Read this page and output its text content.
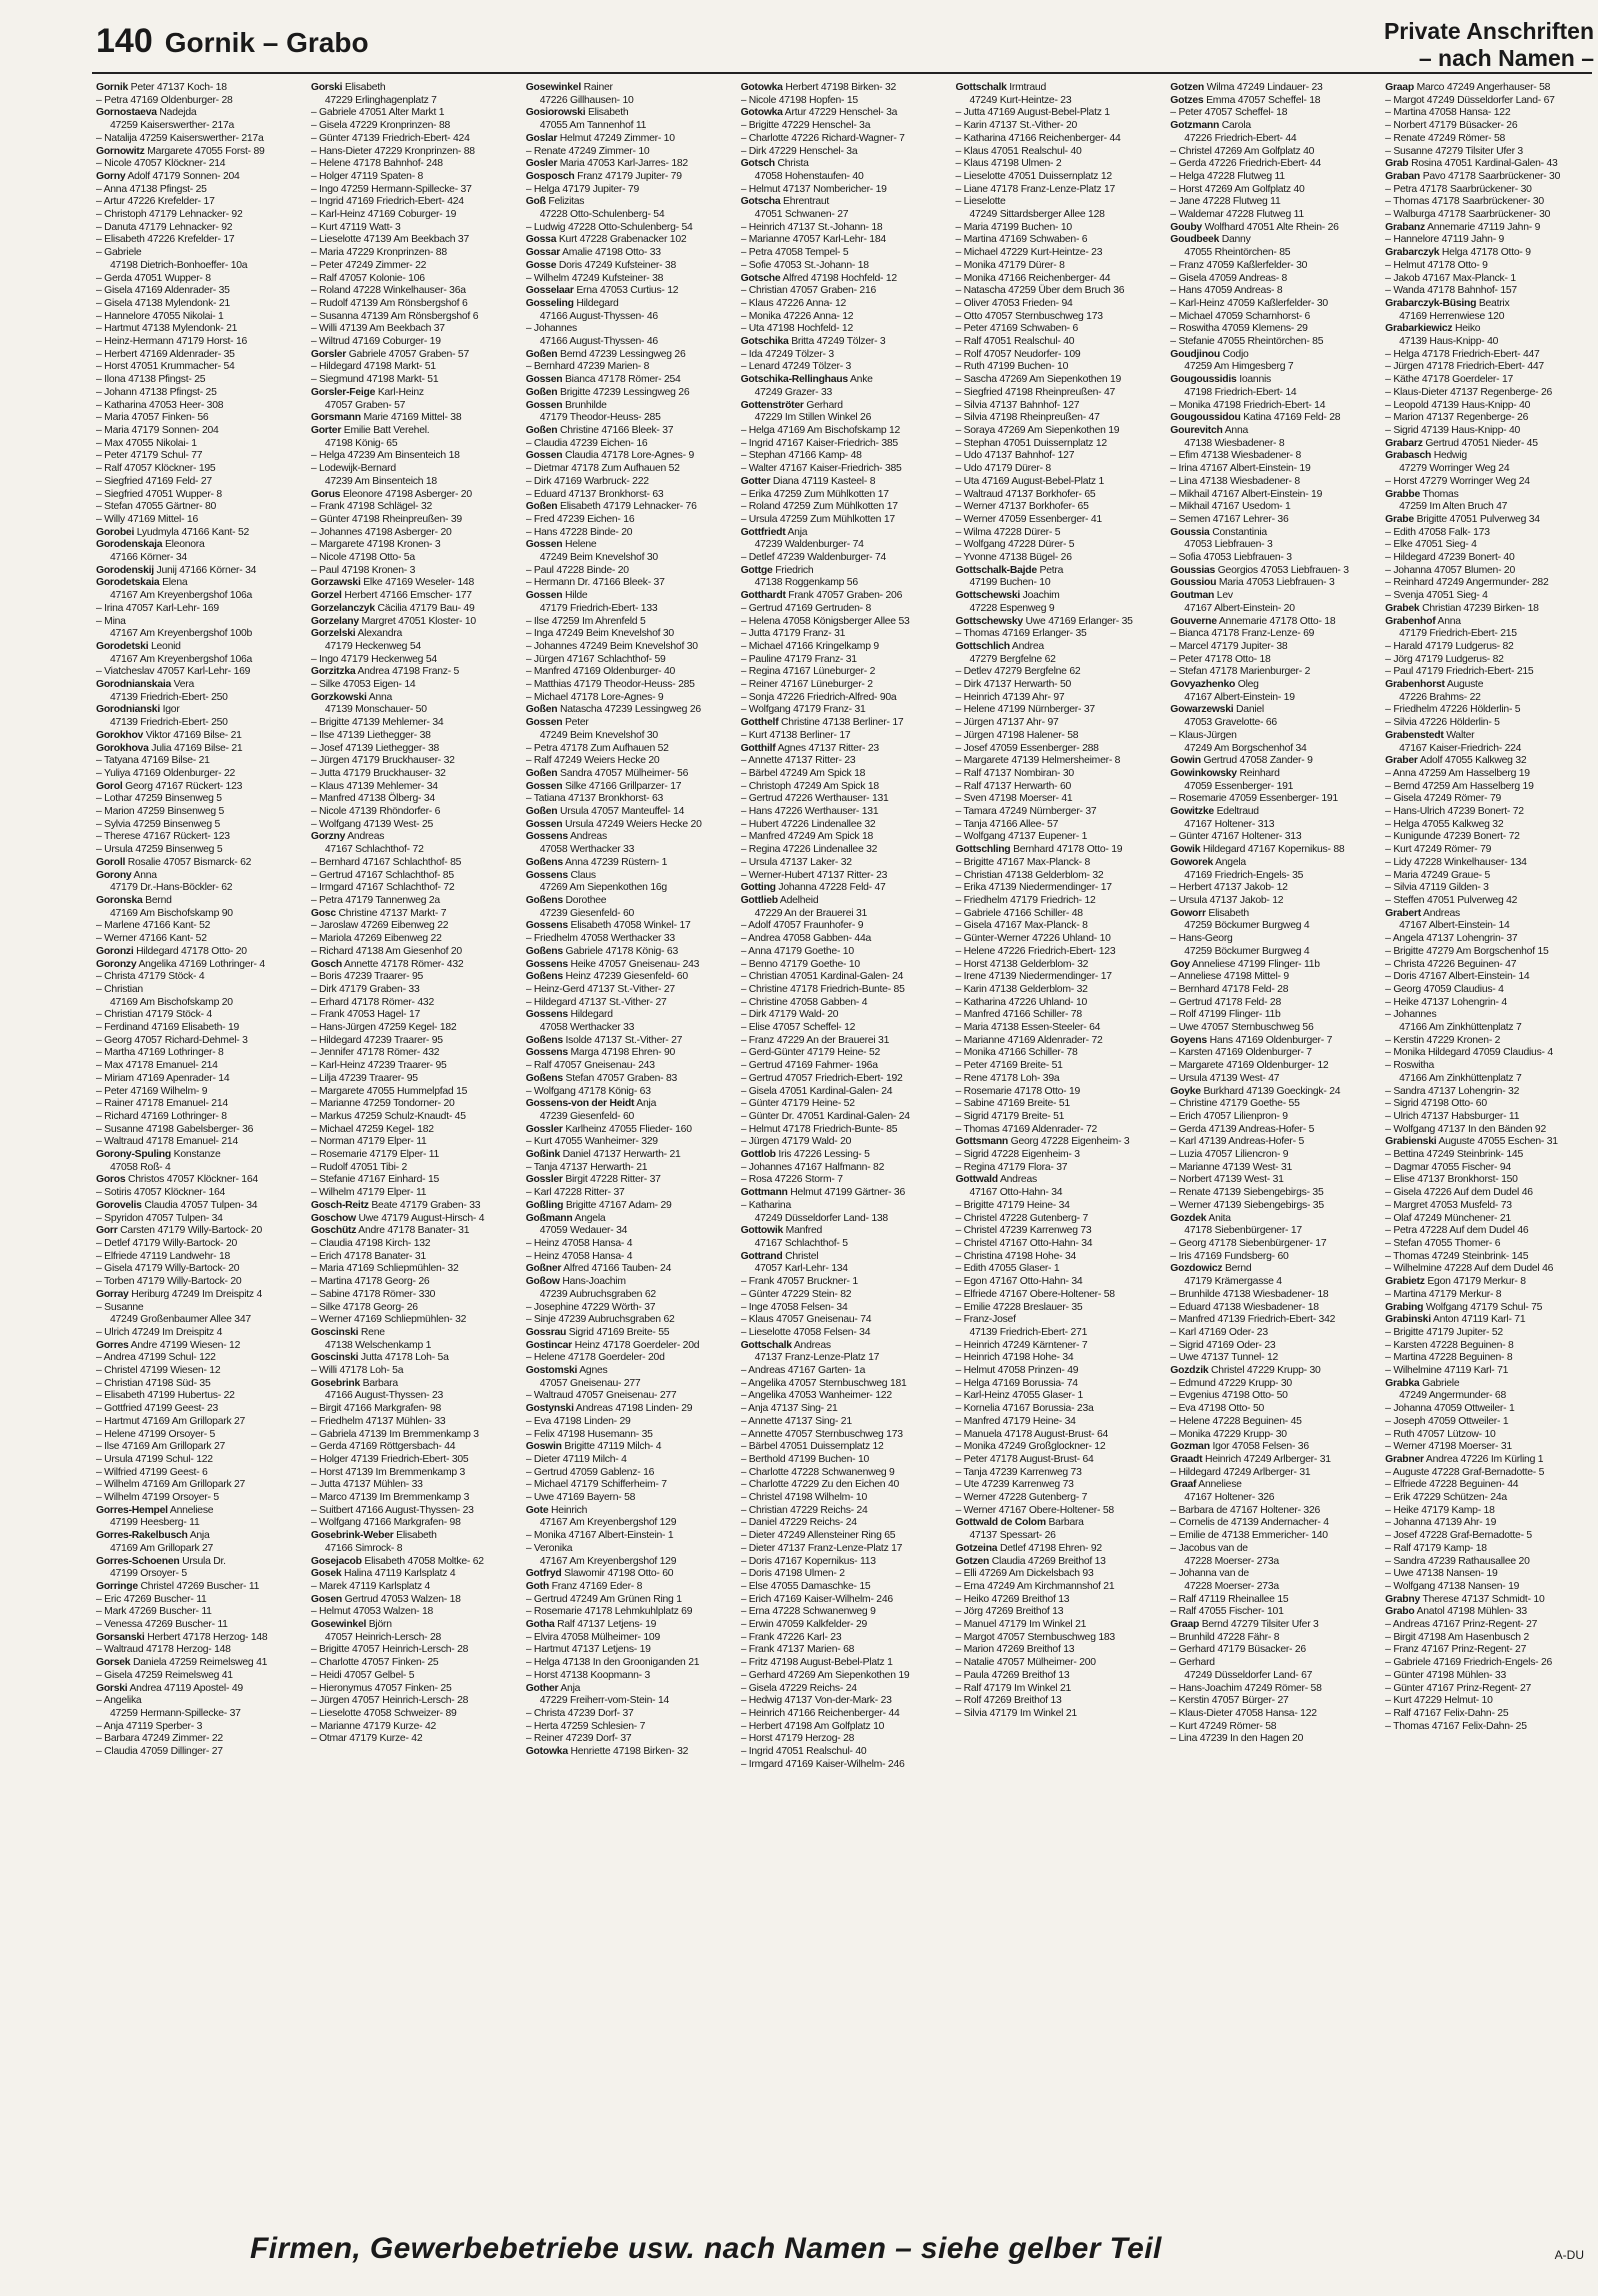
140 Gornik – Grabo	Private Anschriften
– nach Namen –
Gornik Peter 47137 Koch- 18
– Petra 47169 Oldenburger- 28
Gornostaeva Nadejda
47259 Kaiserswerther- 217a
– Natalija 47259 Kaiserswerther- 217a
Gornowitz Margarete 47055 Forst- 89
– Nicole 47057 Klöckner- 214
Gorny Adolf 47179 Sonnen- 204
– Anna 47138 Pfingst- 25
– Artur 47226 Krefelder- 17
– Christoph 47179 Lehnacker- 92
– Danuta 47179 Lehnacker- 92
– Elisabeth 47226 Krefelder- 17
– Gabriele
47198 Dietrich-Bonhoeffer- 10a
– Gerda 47051 Wupper- 8
– Gisela 47169 Aldenrader- 35
– Gisela 47138 Mylendonk- 21
– Hannelore 47055 Nikolai- 1
– Hartmut 47138 Mylendonk- 21
– Heinz-Hermann 47179 Horst- 16
– Herbert 47169 Aldenrader- 35
– Horst 47051 Krummacher- 54
– Ilona 47138 Pfingst- 25
– Johann 47138 Pfingst- 25
– Katharina 47053 Heer- 308
– Maria 47057 Finken- 56
– Maria 47179 Sonnen- 204
– Max 47055 Nikolai- 1
– Peter 47179 Schul- 77
– Ralf 47057 Klöckner- 195
– Siegfried 47169 Feld- 27
– Siegfried 47051 Wupper- 8
– Stefan 47055 Gärtner- 80
– Willy 47169 Mittel- 16
Gorobei Lyudmyla 47166 Kant- 52
Gorodenskaja Eleonora
47166 Körner- 34
Gorodenskij Junij 47166 Körner- 34
Gorodetskaia Elena
47167 Am Kreyenbergshof 106a
– Irina 47057 Karl-Lehr- 169
– Mina
47167 Am Kreyenbergshof 100b
Gorodetski Leonid
47167 Am Kreyenbergshof 106a
– Viatcheslav 47057 Karl-Lehr- 169
Gorodnianskaia Vera
47139 Friedrich-Ebert- 250
Gorodnianski Igor
47139 Friedrich-Ebert- 250
Gorokhov Viktor 47169 Bilse- 21
Gorokhova Julia 47169 Bilse- 21
– Tatyana 47169 Bilse- 21
– Yuliya 47169 Oldenburger- 22
Gorol Georg 47167 Rückert- 123
– Lothar 47259 Binsenweg 5
– Marion 47259 Binsenweg 5
– Sylvia 47259 Binsenweg 5
– Therese 47167 Rückert- 123
– Ursula 47259 Binsenweg 5
Goroll Rosalie 47057 Bismarck- 62
Gorony Anna
47179 Dr.-Hans-Böckler- 62
Goronska Bernd
47169 Am Bischofskamp 90
– Marlene 47166 Kant- 52
– Werner 47166 Kant- 52
Goronzi Hildegard 47178 Otto- 20
Goronzy Angelika 47169 Lothringer- 4
– Christa 47179 Stöck- 4
– Christian
47169 Am Bischofskamp 20
– Christian 47179 Stöck- 4
– Ferdinand 47169 Elisabeth- 19
– Georg 47057 Richard-Dehmel- 3
– Martha 47169 Lothringer- 8
– Max 47178 Emanuel- 214
– Miriam 47169 Apenrader- 14
– Peter 47169 Wilhelm- 9
– Rainer 47178 Emanuel- 214
– Richard 47169 Lothringer- 8
– Susanne 47198 Gabelsberger- 36
– Waltraud 47178 Emanuel- 214
Gorony-Spuling Konstanze
47058 Roß- 4
Goros Christos 47057 Klöckner- 164
– Sotiris 47057 Klöckner- 164
Gorovelis Claudia 47057 Tulpen- 34
– Spyridon 47057 Tulpen- 34
Gorr Carsten 47179 Willy-Bartock- 20
– Detlef 47179 Willy-Bartock- 20
– Elfriede 47119 Landwehr- 18
– Gisela 47179 Willy-Bartock- 20
– Torben 47179 Willy-Bartock- 20
Gorray Heriburg 47249 Im Dreispitz 4
– Susanne
47249 Großenbaumer Allee 347
– Ulrich 47249 Im Dreispitz 4
Gorres Andre 47199 Wiesen- 12
– Andrea 47199 Schul- 122
– Christel 47199 Wiesen- 12
– Christian 47198 Süd- 35
– Elisabeth 47199 Hubertus- 22
– Gottfried 47199 Geest- 23
– Hartmut 47169 Am Grillopark 27
– Helene 47199 Orsoyer- 5
– Ilse 47169 Am Grillopark 27
– Ursula 47199 Schul- 122
– Wilfried 47199 Geest- 6
– Wilhelm 47169 Am Grillopark 27
– Wilhelm 47199 Orsoyer- 5
Gorres-Hempel Anneliese
47199 Heesberg- 11
Gorres-Rakelbusch Anja
47169 Am Grillopark 27
Gorres-Schoenen Ursula Dr.
47199 Orsoyer- 5
Gorringe Christel 47269 Buscher- 11
– Eric 47269 Buscher- 11
– Mark 47269 Buscher- 11
– Venessa 47269 Buscher- 11
Gorsanski Herbert 47178 Herzog- 148
– Waltraud 47178 Herzog- 148
Gorsek Daniela 47259 Reimelsweg 41
– Gisela 47259 Reimelsweg 41
Gorski Andrea 47119 Apostel- 49
– Angelika
47259 Hermann-Spillecke- 37
– Anja 47119 Sperber- 3
– Barbara 47249 Zimmer- 22
– Claudia 47059 Dillinger- 27
Gorski Elisabeth
47229 Erlinghagenplatz 7
– Gabriele 47051 Alter Markt 1
– Gisela 47229 Kronprinzen- 88
– Günter 47139 Friedrich-Ebert- 424
– Hans-Dieter 47229 Kronprinzen- 88
– Helene 47178 Bahnhof- 248
– Holger 47119 Spaten- 8
– Ingo 47259 Hermann-Spillecke- 37
– Ingrid 47169 Friedrich-Ebert- 424
– Karl-Heinz 47169 Coburger- 19
– Kurt 47119 Watt- 3
– Lieselotte 47139 Am Beekbach 37
– Maria 47229 Kronprinzen- 88
– Peter 47249 Zimmer- 22
– Ralf 47057 Kolonie- 106
– Roland 47228 Winkelhauser- 36a
– Rudolf 47139 Am Rönsbergshof 6
– Susanna 47139 Am Rönsbergshof 6
– Willi 47139 Am Beekbach 37
– Wiltrud 47169 Coburger- 19
Gorsler Gabriele 47057 Graben- 57
– Hildegard 47198 Markt- 51
– Siegmund 47198 Markt- 51
Gorsler-Feige Karl-Heinz
47057 Graben- 57
Gorsmann Marie 47169 Mittel- 38
Gorter Emilie Batt Verehel.
47198 König- 65
– Helga 47239 Am Binsenteich 18
– Lodewijk-Bernard
47239 Am Binsenteich 18
Gorus Eleonore 47198 Asberger- 20
– Frank 47198 Schlägel- 32
– Günter 47198 Rheinpreußen- 39
– Johannes 47198 Asberger- 20
– Margarete 47198 Kronen- 3
– Nicole 47198 Otto- 5a
– Paul 47198 Kronen- 3
Gorzawski Elke 47169 Weseler- 148
Gorzel Herbert 47166 Emscher- 177
Gorzelanczyk Cäcilia 47179 Bau- 49
Gorzelany Margret 47051 Kloster- 10
Gorzelski Alexandra
47179 Heckenweg 54
– Ingo 47179 Heckenweg 54
Gorzitzka Andrea 47198 Franz- 5
– Silke 47053 Eigen- 14
Gorzkowski Anna
47139 Monschauer- 50
– Brigitte 47139 Mehlemer- 34
– Ilse 47139 Liethegger- 38
– Josef 47139 Liethegger- 38
– Jürgen 47179 Bruckhauser- 32
– Jutta 47179 Bruckhauser- 32
– Klaus 47139 Mehlemer- 34
– Manfred 47138 Ölberg- 34
– Nicole 47139 Rhöndorfer- 6
– Wolfgang 47139 West- 25
Gorzny Andreas
47167 Schlachthof- 72
– Bernhard 47167 Schlachthof- 85
– Gertrud 47167 Schlachthof- 85
– Irmgard 47167 Schlachthof- 72
– Petra 47179 Tannenweg 2a
Gosc Christine 47137 Markt- 7
– Jaroslaw 47269 Eibenweg 22
– Mariola 47269 Eibenweg 22
– Richard 47138 Am Giesenhof 20
Gosch Annette 47178 Römer- 432
– Boris 47239 Traarer- 95
– Dirk 47179 Graben- 33
– Erhard 47178 Römer- 432
– Frank 47053 Hagel- 17
– Hans-Jürgen 47259 Kegel- 182
– Hildegard 47239 Traarer- 95
– Jennifer 47178 Römer- 432
– Karl-Heinz 47239 Traarer- 95
– Lilja 47239 Traarer- 95
– Margarete 47055 Hummelpfad 15
– Marianne 47259 Tondorner- 20
– Markus 47259 Schulz-Knaudt- 45
– Michael 47259 Kegel- 182
– Norman 47179 Elper- 11
– Rosemarie 47179 Elper- 11
– Rudolf 47051 Tibi- 2
– Stefanie 47167 Einhard- 15
– Wilhelm 47179 Elper- 11
Gosch-Reitz Beate 47179 Graben- 33
Goschow Uwe 47179 August-Hirsch- 4
Goschütz Andre 47178 Banater- 31
– Claudia 47198 Kirch- 132
– Erich 47178 Banater- 31
– Maria 47169 Schliepmühlen- 32
– Martina 47178 Georg- 26
– Sabine 47178 Römer- 330
– Silke 47178 Georg- 26
– Werner 47169 Schliepmühlen- 32
Goscinski Rene
47138 Welschenkamp 1
Goscinski Jutta 47178 Loh- 5a
– Willi 47178 Loh- 5a
Gosebrink Barbara
47166 August-Thyssen- 23
– Birgit 47166 Markgrafen- 98
– Friedhelm 47137 Mühlen- 33
– Gabriela 47139 Im Bremmenkamp 3
– Gerda 47169 Röttgersbach- 44
– Holger 47139 Friedrich-Ebert- 305
– Horst 47139 Im Bremmenkamp 3
– Jutta 47137 Mühlen- 33
– Marco 47139 Im Bremmenkamp 3
– Suitbert 47166 August-Thyssen- 23
– Wolfgang 47166 Markgrafen- 98
Gosebrink-Weber Elisabeth
47166 Simrock- 8
Gosejacob Elisabeth 47058 Moltke- 62
Gosek Halina 47119 Karlsplatz 4
– Marek 47119 Karlsplatz 4
Gosen Gertrud 47053 Walzen- 18
– Helmut 47053 Walzen- 18
Gosewinkel Björn
47057 Heinrich-Lersch- 28
– Brigitte 47057 Heinrich-Lersch- 28
– Charlotte 47057 Finken- 25
– Heidi 47057 Gelbel- 5
– Hieronymus 47057 Finken- 25
– Jürgen 47057 Heinrich-Lersch- 28
– Lieselotte 47058 Schweizer- 89
– Marianne 47179 Kurze- 42
– Otmar 47179 Kurze- 42
Gosewinkel Rainer
47226 Gillhausen- 10
Gosiorowski Elisabeth
47055 Am Tannenhof 11
Goslar Helmut 47249 Zimmer- 10
– Renate 47249 Zimmer- 10
Gosler Maria 47053 Karl-Jarres- 182
Gosposch Franz 47179 Jupiter- 79
– Helga 47179 Jupiter- 79
Goß Felizitas
47228 Otto-Schulenberg- 54
– Ludwig 47228 Otto-Schulenberg- 54
Gossa Kurt 47228 Grabenacker 102
Gossar Amalie 47198 Otto- 33
Gosse Doris 47249 Kufsteiner- 38
– Wilhelm 47249 Kufsteiner- 38
Gosselaar Erna 47053 Curtius- 12
Gosseling Hildegard
47166 August-Thyssen- 46
– Johannes
47166 August-Thyssen- 46
Goßen Bernd 47239 Lessingweg 26
– Bernhard 47239 Marien- 8
Gossen Bianca 47178 Römer- 254
Goßen Brigitte 47239 Lessingweg 26
Gossen Brunhilde
47179 Theodor-Heuss- 285
Goßen Christine 47166 Bleek- 37
– Claudia 47239 Eichen- 16
Gossen Claudia 47178 Lore-Agnes- 9
– Dietmar 47178 Zum Aufhauen 52
– Dirk 47169 Warbruck- 222
– Eduard 47137 Bronkhorst- 63
Goßen Elisabeth 47179 Lehnacker- 76
– Fred 47239 Eichen- 16
– Hans 47228 Binde- 20
Gossen Helene
47249 Beim Knevelshof 30
– Paul 47228 Binde- 20
– Hermann Dr. 47166 Bleek- 37
Gossen Hilde
47179 Friedrich-Ebert- 133
– Ilse 47259 Im Ahrenfeld 5
– Inga 47249 Beim Knevelshof 30
– Johannes 47249 Beim Knevelshof 30
– Jürgen 47167 Schlachthof- 59
– Manfred 47169 Oldenburger- 40
– Matthias 47179 Theodor-Heuss- 285
– Michael 47178 Lore-Agnes- 9
Goßen Natascha 47239 Lessingweg 26
Gossen Peter
47249 Beim Knevelshof 30
– Petra 47178 Zum Aufhauen 52
– Ralf 47249 Weiers Hecke 20
Goßen Sandra 47057 Mülheimer- 56
Gossen Silke 47166 Grillparzer- 17
– Tatiana 47137 Bronkhorst- 63
Goßen Ursula 47057 Manteuffel- 14
Gossen Ursula 47249 Weiers Hecke 20
Gossens Andreas
47058 Werthacker 33
Goßens Anna 47239 Rüstern- 1
Gossens Claus
47269 Am Siepenkothen 16g
Goßens Dorothee
47239 Giesenfeld- 60
Gossens Elisabeth 47058 Winkel- 17
– Friedhelm 47058 Werthacker 33
Goßens Gabriele 47178 König- 63
Gossens Heike 47057 Gneisenau- 243
Goßens Heinz 47239 Giesenfeld- 60
– Heinz-Gerd 47137 St.-Vither- 27
– Hildegard 47137 St.-Vither- 27
Gossens Hildegard
47058 Werthacker 33
Goßens Isolde 47137 St.-Vither- 27
Gossens Marga 47198 Ehren- 90
– Ralf 47057 Gneisenau- 243
Goßens Stefan 47057 Graben- 83
– Wolfgang 47178 König- 63
Gossens-von der Heidt Anja
47239 Giesenfeld- 60
Gossler Karlheinz 47055 Flieder- 160
– Kurt 47055 Wanheimer- 329
Goßink Daniel 47137 Herwarth- 21
– Tanja 47137 Herwarth- 21
Gossler Birgit 47228 Ritter- 37
– Karl 47228 Ritter- 37
Goßling Brigitte 47167 Adam- 29
Goßmann Angela
47059 Wedauer- 34
– Heinz 47058 Hansa- 4
– Heinz 47058 Hansa- 4
Goßner Alfred 47166 Tauben- 24
Goßow Hans-Joachim
47239 Aubruchsgraben 62
– Josephine 47229 Wörth- 37
– Sinje 47239 Aubruchsgraben 62
Gossrau Sigrid 47169 Breite- 55
Gostincar Heinz 47178 Goerdeler- 20d
– Helene 47178 Goerdeler- 20d
Gostomski Agnes
47057 Gneisenau- 277
– Waltraud 47057 Gneisenau- 277
Gostynski Andreas 47198 Linden- 29
– Eva 47198 Linden- 29
– Felix 47198 Husemann- 35
Goswin Brigitte 47119 Milch- 4
– Dieter 47119 Milch- 4
– Gertrud 47059 Gablenz- 16
– Michael 47179 Schifferheim- 7
– Uwe 47169 Bayern- 58
Gote Heinrich
47167 Am Kreyenbergshof 129
– Monika 47167 Albert-Einstein- 1
– Veronika
47167 Am Kreyenbergshof 129
Gotfryd Slawomir 47198 Otto- 60
Goth Franz 47169 Eder- 8
– Gertrud 47249 Am Grünen Ring 1
– Rosemarie 47178 Lehmkuhlplatz 69
Gotha Ralf 47137 Letjens- 19
– Elvira 47058 Mülheimer- 109
– Hartmut 47137 Letjens- 19
– Helga 47138 In den Grooniganden 21
– Horst 47138 Koopmann- 3
Gother Anja
47229 Freiherr-vom-Stein- 14
– Christa 47239 Dorf- 37
– Herta 47259 Schlesien- 7
– Reiner 47239 Dorf- 37
Gotowka Henriette 47198 Birken- 32
Gotowka Herbert 47198 Birken- 32
– Nicole 47198 Hopfen- 15
Gotowka Artur 47229 Henschel- 3a
– Brigitte 47229 Henschel- 3a
– Charlotte 47226 Richard-Wagner- 7
– Dirk 47229 Henschel- 3a
Gotsch Christa
47058 Hohenstaufen- 40
– Helmut 47137 Nombericher- 19
Gotscha Ehrentraut
47051 Schwanen- 27
– Heinrich 47137 St.-Johann- 18
– Marianne 47057 Karl-Lehr- 184
– Petra 47058 Tempel- 5
– Sofie 47053 St.-Johann- 18
Gotsche Alfred 47198 Hochfeld- 12
– Christian 47057 Graben- 216
– Klaus 47226 Anna- 12
– Monika 47226 Anna- 12
– Uta 47198 Hochfeld- 12
Gotschika Britta 47249 Tölzer- 3
– Ida 47249 Tölzer- 3
– Lenard 47249 Tölzer- 3
Gotschika-Rellinghaus Anke
47249 Grazer- 33
Gottenströter Gerhard
47229 Im Stillen Winkel 26
– Helga 47169 Am Bischofskamp 12
– Ingrid 47167 Kaiser-Friedrich- 385
– Stephan 47166 Kamp- 48
– Walter 47167 Kaiser-Friedrich- 385
Gotter Diana 47119 Kasteel- 8
– Erika 47259 Zum Mühlkotten 17
– Roland 47259 Zum Mühlkotten 17
– Ursula 47259 Zum Mühlkotten 17
Gottfriedt Anja
47239 Waldenburger- 74
– Detlef 47239 Waldenburger- 74
Gottge Friedrich
47138 Roggenkamp 56
Gotthardt Frank 47057 Graben- 206
– Gertrud 47169 Gertruden- 8
– Helena 47058 Königsberger Allee 53
– Jutta 47179 Franz- 31
– Michael 47166 Kringelkamp 9
– Pauline 47179 Franz- 31
– Regina 47167 Lüneburger- 2
– Reiner 47167 Lüneburger- 2
– Sonja 47226 Friedrich-Alfred- 90a
– Wolfgang 47179 Franz- 31
Gotthelf Christine 47138 Berliner- 17
– Kurt 47138 Berliner- 17
Gotthilf Agnes 47137 Ritter- 23
– Annette 47137 Ritter- 23
– Bärbel 47249 Am Spick 18
– Christoph 47249 Am Spick 18
– Gertrud 47226 Werthauser- 131
– Hans 47226 Werthauser- 131
– Hubert 47226 Lindenallee 32
– Manfred 47249 Am Spick 18
– Regina 47226 Lindenallee 32
– Ursula 47137 Laker- 32
– Werner-Hubert 47137 Ritter- 23
Gotting Johanna 47228 Feld- 47
Gottlieb Adelheid
47229 An der Brauerei 31
– Adolf 47057 Fraunhofer- 9
– Andrea 47058 Gabben- 44a
– Anna 47179 Goethe- 10
– Benno 47179 Goethe- 10
– Christian 47051 Kardinal-Galen- 24
– Christine 47178 Friedrich-Bunte- 85
– Christine 47058 Gabben- 4
– Dirk 47179 Wald- 20
– Elise 47057 Scheffel- 12
– Franz 47229 An der Brauerei 31
– Gerd-Günter 47179 Heine- 52
– Gertrud 47169 Fahrner- 196a
– Gertrud 47057 Friedrich-Ebert- 192
– Gisela 47051 Kardinal-Galen- 24
– Günter 47179 Heine- 52
– Günter Dr. 47051 Kardinal-Galen- 24
– Helmut 47178 Friedrich-Bunte- 85
– Jürgen 47179 Wald- 20
Gottlob Iris 47226 Lessing- 5
– Johannes 47167 Halfmann- 82
– Rosa 47226 Storm- 7
Gottmann Helmut 47199 Gärtner- 36
– Katharina
47249 Düsseldorfer Land- 138
Gottowik Manfred
47167 Schlachthof- 5
Gottrand Christel
47057 Karl-Lehr- 134
– Frank 47057 Bruckner- 1
– Günter 47229 Stein- 82
– Inge 47058 Felsen- 34
– Klaus 47057 Gneisenau- 74
– Lieselotte 47058 Felsen- 34
Gottschalk Andreas
47137 Franz-Lenze-Platz 17
– Andreas 47167 Garten- 1a
– Angelika 47057 Sternbuschweg 181
– Angelika 47053 Wanheimer- 122
– Anja 47137 Sing- 21
– Annette 47137 Sing- 21
– Annette 47057 Sternbuschweg 173
– Bärbel 47051 Duissernplatz 12
– Berthold 47199 Buchen- 10
– Charlotte 47228 Schwanenweg 9
– Charlotte 47229 Zu den Eichen 40
– Christel 47198 Wilhelm- 10
– Christian 47229 Reichs- 24
– Daniel 47229 Reichs- 24
– Dieter 47249 Allensteiner Ring 65
– Dieter 47137 Franz-Lenze-Platz 17
– Doris 47167 Kopernikus- 113
– Doris 47198 Ulmen- 2
– Else 47055 Damaschke- 15
– Erich 47169 Kaiser-Wilhelm- 246
– Erna 47228 Schwanenweg 9
– Erwin 47059 Kalkfelder- 29
– Frank 47226 Karl- 23
– Frank 47137 Marien- 68
– Fritz 47198 August-Bebel-Platz 1
– Gerhard 47269 Am Siepenkothen 19
– Gisela 47229 Reichs- 24
– Hedwig 47137 Von-der-Mark- 23
– Heinrich 47166 Reichenberger- 44
– Herbert 47198 Am Golfplatz 10
– Horst 47179 Herzog- 28
– Ingrid 47051 Realschul- 40
– Irmgard 47169 Kaiser-Wilhelm- 246
Gottschalk Irmtraud
47249 Kurt-Heintze- 23
– Jutta 47169 August-Bebel-Platz 1
– Karin 47137 St.-Vither- 20
– Katharina 47166 Reichenberger- 44
– Klaus 47051 Realschul- 40
– Klaus 47198 Ulmen- 2
– Lieselotte 47051 Duissernplatz 12
– Liane 47178 Franz-Lenze-Platz 17
– Lieselotte
47249 Sittardsberger Allee 128
– Maria 47199 Buchen- 10
– Martina 47169 Schwaben- 6
– Michael 47229 Kurt-Heintze- 23
– Monika 47179 Dürer- 8
– Monika 47166 Reichenberger- 44
– Natascha 47259 Über dem Bruch 36
– Oliver 47053 Frieden- 94
– Otto 47057 Sternbuschweg 173
– Peter 47169 Schwaben- 6
– Ralf 47051 Realschul- 40
– Rolf 47057 Neudorfer- 109
– Ruth 47199 Buchen- 10
– Sascha 47269 Am Siepenkothen 19
– Siegfried 47198 Rheinpreußen- 47
– Silvia 47137 Bahnhof- 127
– Silvia 47198 Rheinpreußen- 47
– Soraya 47269 Am Siepenkothen 19
– Stephan 47051 Duissernplatz 12
– Udo 47137 Bahnhof- 127
– Udo 47179 Dürer- 8
– Uta 47169 August-Bebel-Platz 1
– Waltraud 47137 Borkhofer- 65
– Werner 47137 Borkhofer- 65
– Werner 47059 Essenberger- 41
– Wilma 47228 Dürer- 5
– Wolfgang 47228 Dürer- 5
– Yvonne 47138 Bügel- 26
Gottschalk-Bajde Petra
47199 Buchen- 10
Gottschewski Joachim
47228 Espenweg 9
Gottschewsky Uwe 47169 Erlanger- 35
– Thomas 47169 Erlanger- 35
Gottschlich Andrea
47279 Bergfelne 62
– Detlev 47279 Bergfelne 62
– Dirk 47137 Herwarth- 50
– Heinrich 47139 Ahr- 97
– Helene 47199 Nürnberger- 37
– Jürgen 47137 Ahr- 97
– Jürgen 47198 Halener- 58
– Josef 47059 Essenberger- 288
– Margarete 47139 Helmersheimer- 8
– Ralf 47137 Nombiran- 30
– Ralf 47137 Herwarth- 60
– Sven 47198 Moerser- 41
– Tamara 47249 Nürnberger- 37
– Tanja 47166 Allee- 57
– Wolfgang 47137 Eupener- 1
Gottschling Bernhard 47178 Otto- 19
– Brigitte 47167 Max-Planck- 8
– Christian 47138 Gelderblom- 32
– Erika 47139 Niedermendinger- 17
– Friedhelm 47179 Friedrich- 12
– Gabriele 47166 Schiller- 48
– Gisela 47167 Max-Planck- 8
– Günter-Werner 47226 Uhland- 10
– Helene 47226 Friedrich-Ebert- 123
– Horst 47138 Gelderblom- 32
– Irene 47139 Niedermendinger- 17
– Karin 47138 Gelderblom- 32
– Katharina 47226 Uhland- 10
– Manfred 47166 Schiller- 78
– Maria 47138 Essen-Steeler- 64
– Marianne 47169 Aldenrader- 72
– Monika 47166 Schiller- 78
– Peter 47169 Breite- 51
– Rene 47178 Loh- 39a
– Rosemarie 47178 Otto- 19
– Sabine 47169 Breite- 51
– Sigrid 47179 Breite- 51
– Thomas 47169 Aldenrader- 72
Gottsmann Georg 47228 Eigenheim- 3
– Sigrid 47228 Eigenheim- 3
– Regina 47179 Flora- 37
Gottwald Andreas
47167 Otto-Hahn- 34
– Brigitte 47179 Heine- 34
– Christel 47228 Gutenberg- 7
– Christel 47239 Karrenweg 73
– Christel 47167 Otto-Hahn- 34
– Christina 47198 Hohe- 34
– Edith 47055 Glaser- 1
– Egon 47167 Otto-Hahn- 34
– Elfriede 47167 Obere-Holtener- 58
– Emilie 47228 Breslauer- 35
– Franz-Josef
47139 Friedrich-Ebert- 271
– Heinrich 47249 Kärntener- 7
– Heinrich 47198 Hohe- 34
– Helmut 47058 Prinzen- 49
– Helga 47169 Borussia- 74
– Karl-Heinz 47055 Glaser- 1
– Kornelia 47167 Borussia- 23a
– Manfred 47179 Heine- 34
– Manuela 47178 August-Brust- 64
– Monika 47249 Großglockner- 12
– Peter 47178 August-Brust- 64
– Tanja 47239 Karrenweg 73
– Ute 47239 Karrenweg 73
– Werner 47228 Gutenberg- 7
– Werner 47167 Obere-Holtener- 58
Gottwald de Colom Barbara
47137 Spessart- 26
Gotzeina Detlef 47198 Ehren- 92
Gotzen Claudia 47269 Breithof 13
– Elli 47269 Am Dickelsbach 93
– Erna 47249 Am Kirchmannshof 21
– Heiko 47269 Breithof 13
– Jörg 47269 Breithof 13
– Manuel 47179 Im Winkel 21
– Margot 47057 Sternbuschweg 183
– Marion 47269 Breithof 13
– Natalie 47057 Mülheimer- 200
– Paula 47269 Breithof 13
– Ralf 47179 Im Winkel 21
– Rolf 47269 Breithof 13
– Silvia 47179 Im Winkel 21
Gotzen Wilma 47249 Lindauer- 23
Gotzes Emma 47057 Scheffel- 18
– Peter 47057 Scheffel- 18
Gotzmann Carola
47226 Friedrich-Ebert- 44
– Christel 47269 Am Golfplatz 40
– Gerda 47226 Friedrich-Ebert- 44
– Helga 47228 Flutweg 11
– Horst 47269 Am Golfplatz 40
– Jane 47228 Flutweg 11
– Waldemar 47228 Flutweg 11
Gouby Wolfhard 47051 Alte Rhein- 26
Goudbeek Danny
47055 Rheintörchen- 85
– Franz 47059 Kaßlerfelder- 30
– Gisela 47059 Andreas- 8
– Hans 47059 Andreas- 8
– Karl-Heinz 47059 Kaßlerfelder- 30
– Michael 47059 Scharnhorst- 6
– Roswitha 47059 Klemens- 29
– Stefanie 47055 Rheintörchen- 85
Goudjinou Codjo
47259 Am Himgesberg 7
Gougoussidis Ioannis
47198 Friedrich-Ebert- 14
– Monika 47198 Friedrich-Ebert- 14
Gougoussidou Katina 47169 Feld- 28
Gourevitch Anna
47138 Wiesbadener- 8
– Efim 47138 Wiesbadener- 8
– Irina 47167 Albert-Einstein- 19
– Lina 47138 Wiesbadener- 8
– Mikhail 47167 Albert-Einstein- 19
– Mikhail 47167 Usedom- 1
– Semen 47167 Lehrer- 36
Goussia Constantinia
47053 Liebfrauen- 3
– Sofia 47053 Liebfrauen- 3
Goussias Georgios 47053 Liebfrauen- 3
Goussiou Maria 47053 Liebfrauen- 3
Goutman Lev
47167 Albert-Einstein- 20
Gouverne Annemarie 47178 Otto- 18
– Bianca 47178 Franz-Lenze- 69
– Marcel 47179 Jupiter- 38
– Peter 47178 Otto- 18
– Stefan 47178 Marienburger- 2
Govyazhenko Oleg
47167 Albert-Einstein- 19
Gowarzewski Daniel
47053 Gravelotte- 66
– Klaus-Jürgen
47249 Am Borgschenhof 34
Gowin Gertrud 47058 Zander- 9
Gowinkowsky Reinhard
47059 Essenberger- 191
– Rosemarie 47059 Essenberger- 191
Gowitzke Edeltraud
47167 Holtener- 313
– Günter 47167 Holtener- 313
Gowik Hildegard 47167 Kopernikus- 88
Goworek Angela
47169 Friedrich-Engels- 35
– Herbert 47137 Jakob- 12
– Ursula 47137 Jakob- 12
Goworr Elisabeth
47259 Böckumer Burgweg 4
– Hans-Georg
47259 Böckumer Burgweg 4
Goy Anneliese 47199 Flinger- 11b
– Anneliese 47198 Mittel- 9
– Bernhard 47178 Feld- 28
– Gertrud 47178 Feld- 28
– Rolf 47199 Flinger- 11b
– Uwe 47057 Sternbuschweg 56
Goyens Hans 47169 Oldenburger- 7
– Karsten 47169 Oldenburger- 7
– Margarete 47169 Oldenburger- 12
– Ursula 47139 West- 47
Goyke Burkhard 47139 Goeckingk- 24
– Christine 47179 Goethe- 55
– Erich 47057 Lilienpron- 9
– Gerda 47139 Andreas-Hofer- 5
– Karl 47139 Andreas-Hofer- 5
– Luzia 47057 Liliencron- 9
– Marianne 47139 West- 31
– Norbert 47139 West- 31
– Renate 47139 Siebengebirgs- 35
– Werner 47139 Siebengebirgs- 35
Gozdek Anita
47178 Siebenbürgener- 17
– Georg 47178 Siebenbürgener- 17
– Iris 47169 Fundsberg- 60
Gozdowicz Bernd
47179 Krämergasse 4
– Brunhilde 47138 Wiesbadener- 18
– Eduard 47138 Wiesbadener- 18
– Manfred 47139 Friedrich-Ebert- 342
– Karl 47169 Oder- 23
– Sigrid 47169 Oder- 23
– Uwe 47137 Tunnel- 12
Gozdzik Christel 47229 Krupp- 30
– Edmund 47229 Krupp- 30
– Evgenius 47198 Otto- 50
– Eva 47198 Otto- 50
– Helene 47228 Beguinen- 45
– Monika 47229 Krupp- 30
Gozman Igor 47058 Felsen- 36
Graadt Heinrich 47249 Arlberger- 31
– Hildegard 47249 Arlberger- 31
Graaf Anneliese
47167 Holtener- 326
– Barbara de 47167 Holtener- 326
– Cornelis de 47139 Andernacher- 4
– Emilie de 47138 Emmericher- 140
– Jacobus van de
47228 Moerser- 273a
– Johanna van de
47228 Moerser- 273a
– Ralf 47119 Rheinallee 15
– Ralf 47055 Fischer- 101
Graap Bernd 47279 Tilsiter Ufer 3
– Brunhild 47228 Fähr- 8
– Gerhard 47179 Büsacker- 26
– Gerhard
47249 Düsseldorfer Land- 67
– Hans-Joachim 47249 Römer- 58
– Kerstin 47057 Bürger- 27
– Klaus-Dieter 47058 Hansa- 122
– Kurt 47249 Römer- 58
– Lina 47239 In den Hagen 20
Graap Marco 47249 Angerhauser- 58
– Margot 47249 Düsseldorfer Land- 67
– Martina 47058 Hansa- 122
– Norbert 47179 Büsacker- 26
– Renate 47249 Römer- 58
– Susanne 47279 Tilsiter Ufer 3
Grab Rosina 47051 Kardinal-Galen- 43
Graban Pavo 47178 Saarbrückener- 30
– Petra 47178 Saarbrückener- 30
– Thomas 47178 Saarbrückener- 30
– Walburga 47178 Saarbrückener- 30
Grabanz Annemarie 47119 Jahn- 9
– Hannelore 47119 Jahn- 9
Grabarczyk Helga 47178 Otto- 9
– Helmut 47178 Otto- 9
– Jakob 47167 Max-Planck- 1
– Wanda 47178 Bahnhof- 157
Grabarczyk-Büsing Beatrix
47169 Herrenwiese 120
Grabarkiewicz Heiko
47139 Haus-Knipp- 40
– Helga 47178 Friedrich-Ebert- 447
– Jürgen 47178 Friedrich-Ebert- 447
– Käthe 47178 Goerdeler- 17
– Klaus-Dieter 47137 Regenberge- 26
– Leopold 47139 Haus-Knipp- 40
– Marion 47137 Regenberge- 26
– Sigrid 47139 Haus-Knipp- 40
Grabarz Gertrud 47051 Nieder- 45
Grabasch Hedwig
47279 Worringer Weg 24
– Horst 47279 Worringer Weg 24
Grabbe Thomas
47259 Im Alten Bruch 47
Grabe Brigitte 47051 Pulverweg 34
– Edith 47058 Falk- 173
– Elke 47051 Sieg- 4
– Hildegard 47239 Bonert- 40
– Johanna 47057 Blumen- 20
– Reinhard 47249 Angermunder- 282
– Svenja 47051 Sieg- 4
Grabek Christian 47239 Birken- 18
Grabenhof Anna
47179 Friedrich-Ebert- 215
– Harald 47179 Ludgerus- 82
– Jörg 47179 Ludgerus- 82
– Paul 47179 Friedrich-Ebert- 215
Grabenhorst Auguste
47226 Brahms- 22
– Friedhelm 47226 Hölderlin- 5
– Silvia 47226 Hölderlin- 5
Grabenstedt Walter
47167 Kaiser-Friedrich- 224
Graber Adolf 47055 Kalkweg 32
– Anna 47259 Am Hasselberg 19
– Bernd 47259 Am Hasselberg 19
– Gisela 47249 Römer- 79
– Hans-Ulrich 47239 Bonert- 72
– Helga 47055 Kalkweg 32
– Kunigunde 47239 Bonert- 72
– Kurt 47249 Römer- 79
– Lidy 47228 Winkelhauser- 134
– Maria 47249 Graue- 5
– Silvia 47119 Gilden- 3
– Steffen 47051 Pulverweg 42
Grabert Andreas
47167 Albert-Einstein- 14
– Angela 47137 Lohengrin- 37
– Brigitte 47279 Am Borgschenhof 15
– Christa 47226 Beguinen- 47
– Doris 47167 Albert-Einstein- 14
– Georg 47059 Claudius- 4
– Heike 47137 Lohengrin- 4
– Johannes
47166 Am Zinkhüttenplatz 7
– Kerstin 47229 Kronen- 2
– Monika Hildegard 47059 Claudius- 4
– Roswitha
47166 Am Zinkhüttenplatz 7
– Sandra 47137 Lohengrin- 32
– Sigrid 47198 Otto- 60
– Ulrich 47137 Habsburger- 11
– Wolfgang 47137 In den Bänden 92
Grabienski Auguste 47055 Eschen- 31
– Bettina 47249 Steinbrink- 145
– Dagmar 47055 Fischer- 94
– Elise 47137 Bronkhorst- 150
– Gisela 47226 Auf dem Dudel 46
– Margret 47053 Musfeld- 73
– Olaf 47249 Münchener- 21
– Petra 47228 Auf dem Dudel 46
– Stefan 47055 Thomer- 6
– Thomas 47249 Steinbrink- 145
– Wilhelmine 47228 Auf dem Dudel 46
Grabietz Egon 47179 Merkur- 8
– Martina 47179 Merkur- 8
Grabing Wolfgang 47179 Schul- 75
Grabinski Anton 47119 Karl- 71
– Brigitte 47179 Jupiter- 52
– Karsten 47228 Beguinen- 8
– Martina 47228 Beguinen- 8
– Wilhelmine 47119 Karl- 71
Grabka Gabriele
47249 Angermunder- 68
– Johanna 47059 Ottweiler- 1
– Joseph 47059 Ottweiler- 1
– Ruth 47057 Lützow- 10
– Werner 47198 Moerser- 31
Grabner Andrea 47226 Im Kürling 1
– Auguste 47228 Graf-Bernadotte- 5
– Elfriede 47228 Beguinen- 44
– Erik 47229 Schützen- 24a
– Heike 47179 Kamp- 18
– Johanna 47139 Ahr- 19
– Josef 47228 Graf-Bernadotte- 5
– Ralf 47179 Kamp- 18
– Sandra 47239 Rathausallee 20
– Uwe 47138 Nansen- 19
– Wolfgang 47138 Nansen- 19
Grabny Therese 47137 Schmidt- 10
Grabo Anatol 47198 Mühlen- 33
– Andreas 47167 Prinz-Regent- 27
– Birgit 47198 Am Hasenbusch 2
– Franz 47167 Prinz-Regent- 27
– Gabriele 47169 Friedrich-Engels- 26
– Günter 47198 Mühlen- 33
– Günter 47167 Prinz-Regent- 27
– Kurt 47229 Helmut- 10
– Ralf 47167 Felix-Dahn- 25
– Thomas 47167 Felix-Dahn- 25
Firmen, Gewerbebetriebe usw. nach Namen – siehe gelber Teil	A-DU
